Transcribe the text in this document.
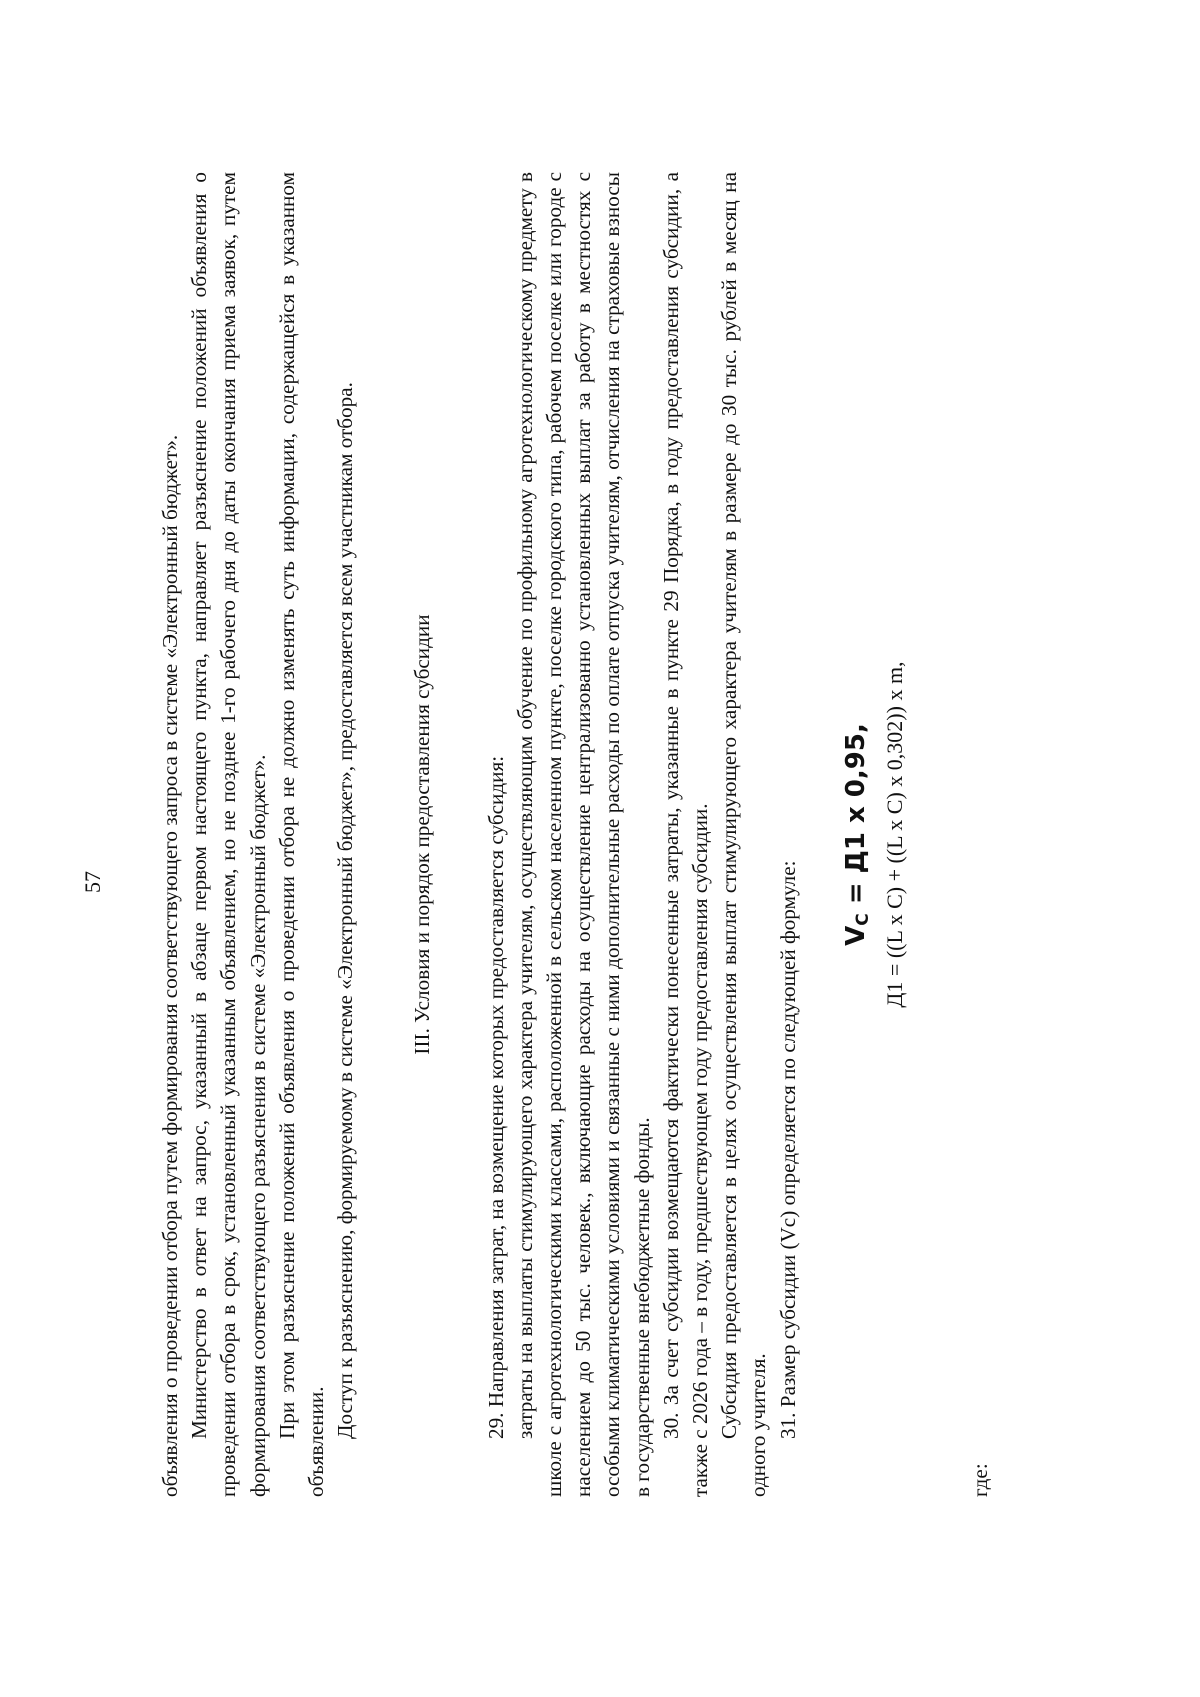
57	объявления о проведении отбора путем формирования соответствующего запроса в системе «Электронный бюджет». Министерство в ответ на запрос, указанный в абзаце первом настоящего пункта, направляет разъяснение положений объявления о проведении отбора в срок, установленный указанным объявлением, но не позднее 1-го рабочего дня до даты окончания приема заявок, путем формирования соответствующего разъяснения в системе «Электронный бюджет». При этом разъяснение положений объявления о проведении отбора не должно изменять суть информации, содержащейся в указанном объявлении.

Доступ к разъяснению, формируемому в системе «Электронный бюджет», предоставляется всем участникам отбора.	III. Условия и порядок предоставления субсидии 29. Направления затрат, на возмещение которых предоставляется субсидия: затраты на выплаты стимулирующего характера учителям, осуществляющим обучение по профильному агротехнологическому предмету в школе с агротехнологическими классами, расположенной в сельском населенном пункте, поселке городского типа, рабочем поселке или городе с населением до 50 тыс. человек., включающие расходы на осуществление централизованно установленных выплат за работу в местностях с особыми климатическими условиями и связанные с ними дополнительные расходы по оплате отпуска учителям, отчисления на страховые взносы в государственные внебюджетные фонды. 30. За счет субсидии возмещаются фактически понесенные затраты, указанные в пункте 29 Порядка, в году предоставления субсидии, а также с 2026 года – в году, предшествующем году предоставления субсидии. Субсидия предоставляется в целях осуществления выплат стимулирующего характера учителям в размере до 30 тыс. рублей в месяц на одного учителя. 31. Размер субсидии (Vс) определяется по следующей формуле: $V_C = Д1$ х 0,95, Д1 = ((L х C) + ((L х C) х 0,302)) х m,

где:
